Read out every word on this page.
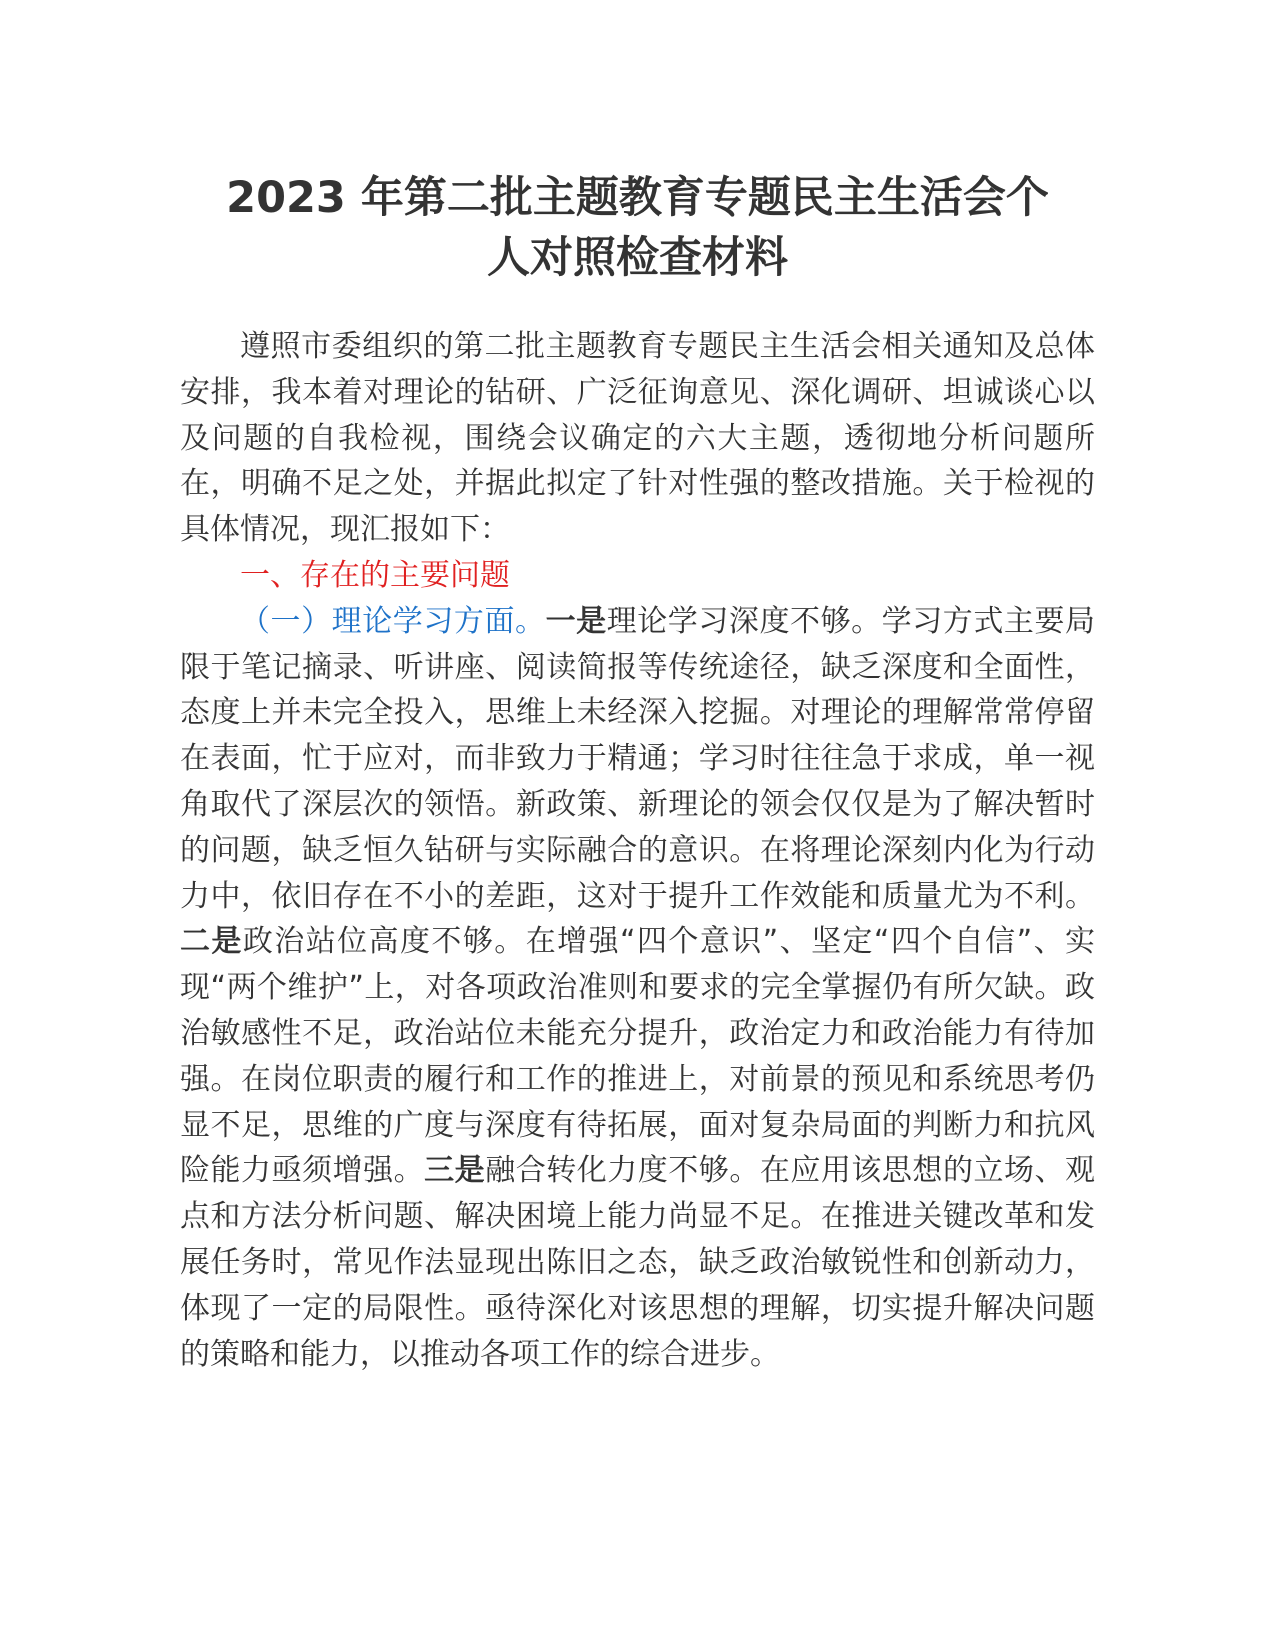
2023 年第二批主题教育专题民主生活会个
人对照检查材料

遵照市委组织的第二批主题教育专题民主生活会相关通知及总体安排，我本着对理论的钻研、广泛征询意见、深化调研、坦诚谈心以及问题的自我检视，围绕会议确定的六大主题，透彻地分析问题所在，明确不足之处，并据此拟定了针对性强的整改措施。关于检视的具体情况，现汇报如下：

一、存在的主要问题

（一）理论学习方面。一是理论学习深度不够。学习方式主要局限于笔记摘录、听讲座、阅读简报等传统途径，缺乏深度和全面性，态度上并未完全投入，思维上未经深入挖掘。对理论的理解常常停留在表面，忙于应对，而非致力于精通；学习时往往急于求成，单一视角取代了深层次的领悟。新政策、新理论的领会仅仅是为了解决暂时的问题，缺乏恒久钻研与实际融合的意识。在将理论深刻内化为行动力中，依旧存在不小的差距，这对于提升工作效能和质量尤为不利。二是政治站位高度不够。在增强“四个意识”、坚定“四个自信”、实现“两个维护”上，对各项政治准则和要求的完全掌握仍有所欠缺。政治敏感性不足，政治站位未能充分提升，政治定力和政治能力有待加强。在岗位职责的履行和工作的推进上，对前景的预见和系统思考仍显不足，思维的广度与深度有待拓展，面对复杂局面的判断力和抗风险能力亟须增强。三是融合转化力度不够。在应用该思想的立场、观点和方法分析问题、解决困境上能力尚显不足。在推进关键改革和发展任务时，常见作法显现出陈旧之态，缺乏政治敏锐性和创新动力，体现了一定的局限性。亟待深化对该思想的理解，切实提升解决问题的策略和能力，以推动各项工作的综合进步。
